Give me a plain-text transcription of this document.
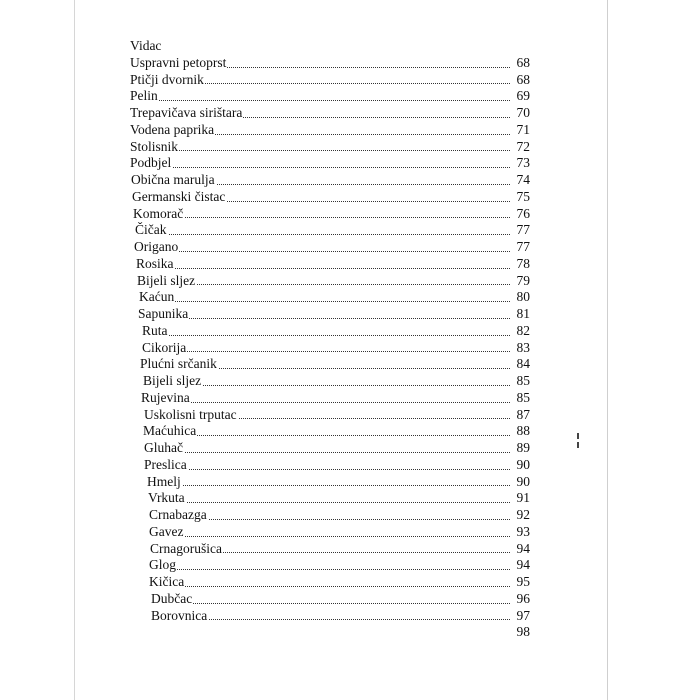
Vidac
Uspravni petoprst	68
Ptičji dvornik	68
Pelin	69
Trepavičava sirištara	70
Vodena paprika	71
Stolisnik	72
Podbjel	73
Obična marulja	74
Germanski čistac	75
Komorač	76
Čičak	77
Origano	77
Rosika	78
Bijeli sljez	79
Kaćun	80
Sapunika	81
Ruta	82
Cikorija	83
Plućni srčanik	84
Bijeli sljez	85
Rujevina	85
Uskolisni trputac	87
Maćuhica	88
Gluhač	89
Preslica	90
Hmelj	90
Vrkuta	91
Crnabazga	92
Gavez	93
Crnagorušica	94
Glog	94
Kičica	95
Dubčac	96
Borovnica	97
98
